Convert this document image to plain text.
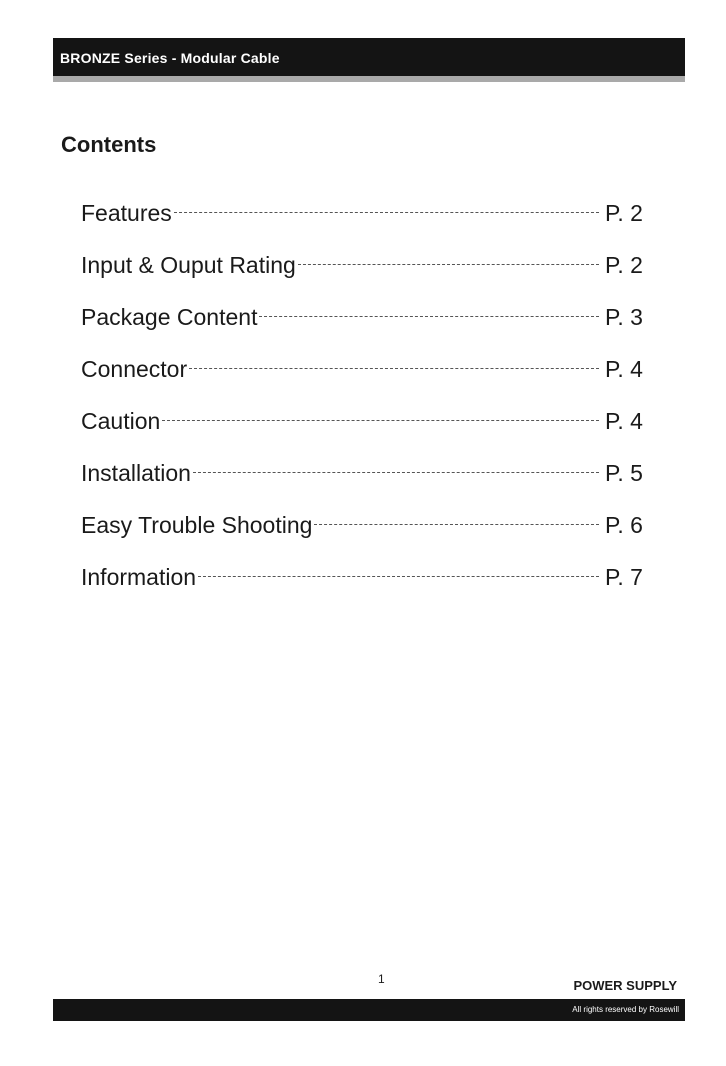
BRONZE Series - Modular Cable
Contents
Features	P. 2
Input & Ouput Rating	P. 2
Package Content	P. 3
Connector	P. 4
Caution	P. 4
Installation	P. 5
Easy Trouble Shooting	P. 6
Information	P. 7
1	POWER SUPPLY
All rights reserved by Rosewill
